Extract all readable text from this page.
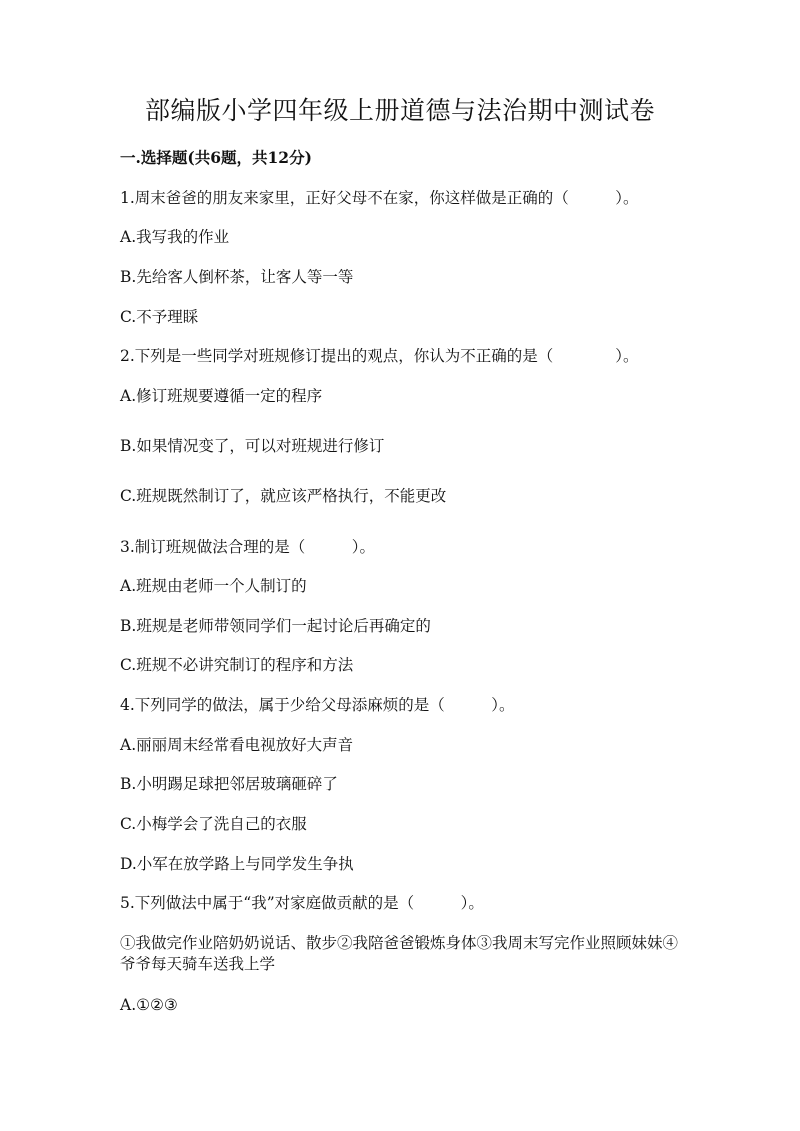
部编版小学四年级上册道德与法治期中测试卷
一.选择题(共6题，共12分)
1.周末爸爸的朋友来家里，正好父母不在家，你这样做是正确的（　　　）。
A.我写我的作业
B.先给客人倒杯茶，让客人等一等
C.不予理睬
2.下列是一些同学对班规修订提出的观点，你认为不正确的是（　　　　）。
A.修订班规要遵循一定的程序
B.如果情况变了，可以对班规进行修订
C.班规既然制订了，就应该严格执行，不能更改
3.制订班规做法合理的是（　　　）。
A.班规由老师一个人制订的
B.班规是老师带领同学们一起讨论后再确定的
C.班规不必讲究制订的程序和方法
4.下列同学的做法，属于少给父母添麻烦的是（　　　）。
A.丽丽周末经常看电视放好大声音
B.小明踢足球把邻居玻璃砸碎了
C.小梅学会了洗自己的衣服
D.小军在放学路上与同学发生争执
5.下列做法中属于“我”对家庭做贡献的是（　　　）。
①我做完作业陪奶奶说话、散步②我陪爸爸锻炼身体③我周末写完作业照顾妹妹④爷爷每天骑车送我上学
A.①②③
